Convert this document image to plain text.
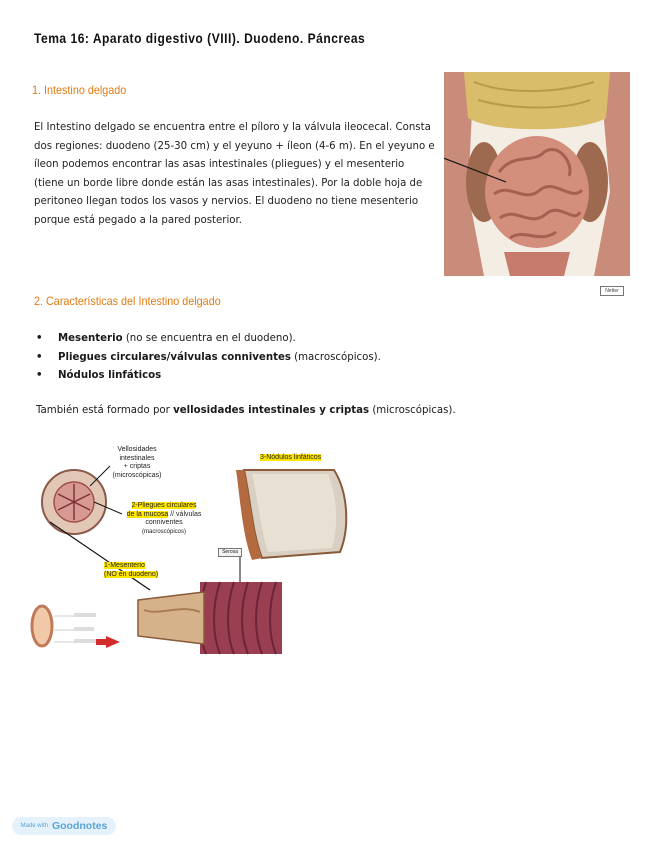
Tema 16: Aparato digestivo (VIII). Duodeno. Páncreas
1. Intestino delgado
El Intestino delgado se encuentra entre el píloro y la válvula ileocecal. Consta dos regiones: duodeno (25-30 cm) y el yeyuno + íleon (4-6 m). En el yeyuno e íleon podemos encontrar las asas intestinales (pliegues) y el mesenterio (tiene un borde libre donde están las asas intestinales). Por la doble hoja de peritoneo llegan todos los vasos y nervios. El duodeno no tiene mesenterio porque está pegado a la pared posterior.
Netter
2. Características del Intestino delgado
• Mesenterio (no se encuentra en el duodeno).
• Pliegues circulares/válvulas conniventes (macroscópicos).
• Nódulos linfáticos
También está formado por vellosidades intestinales y criptas (microscópicas).
Vellosidades
intestinales
+ criptas
(microscópicas)
2-Pliegues circulares
de la mucosa // válvulas
conniventes
(macroscópicos)
3-Nódulos linfáticos
1-Mesenterio
(NO en duodeno)
Serosa
Made with Goodnotes
